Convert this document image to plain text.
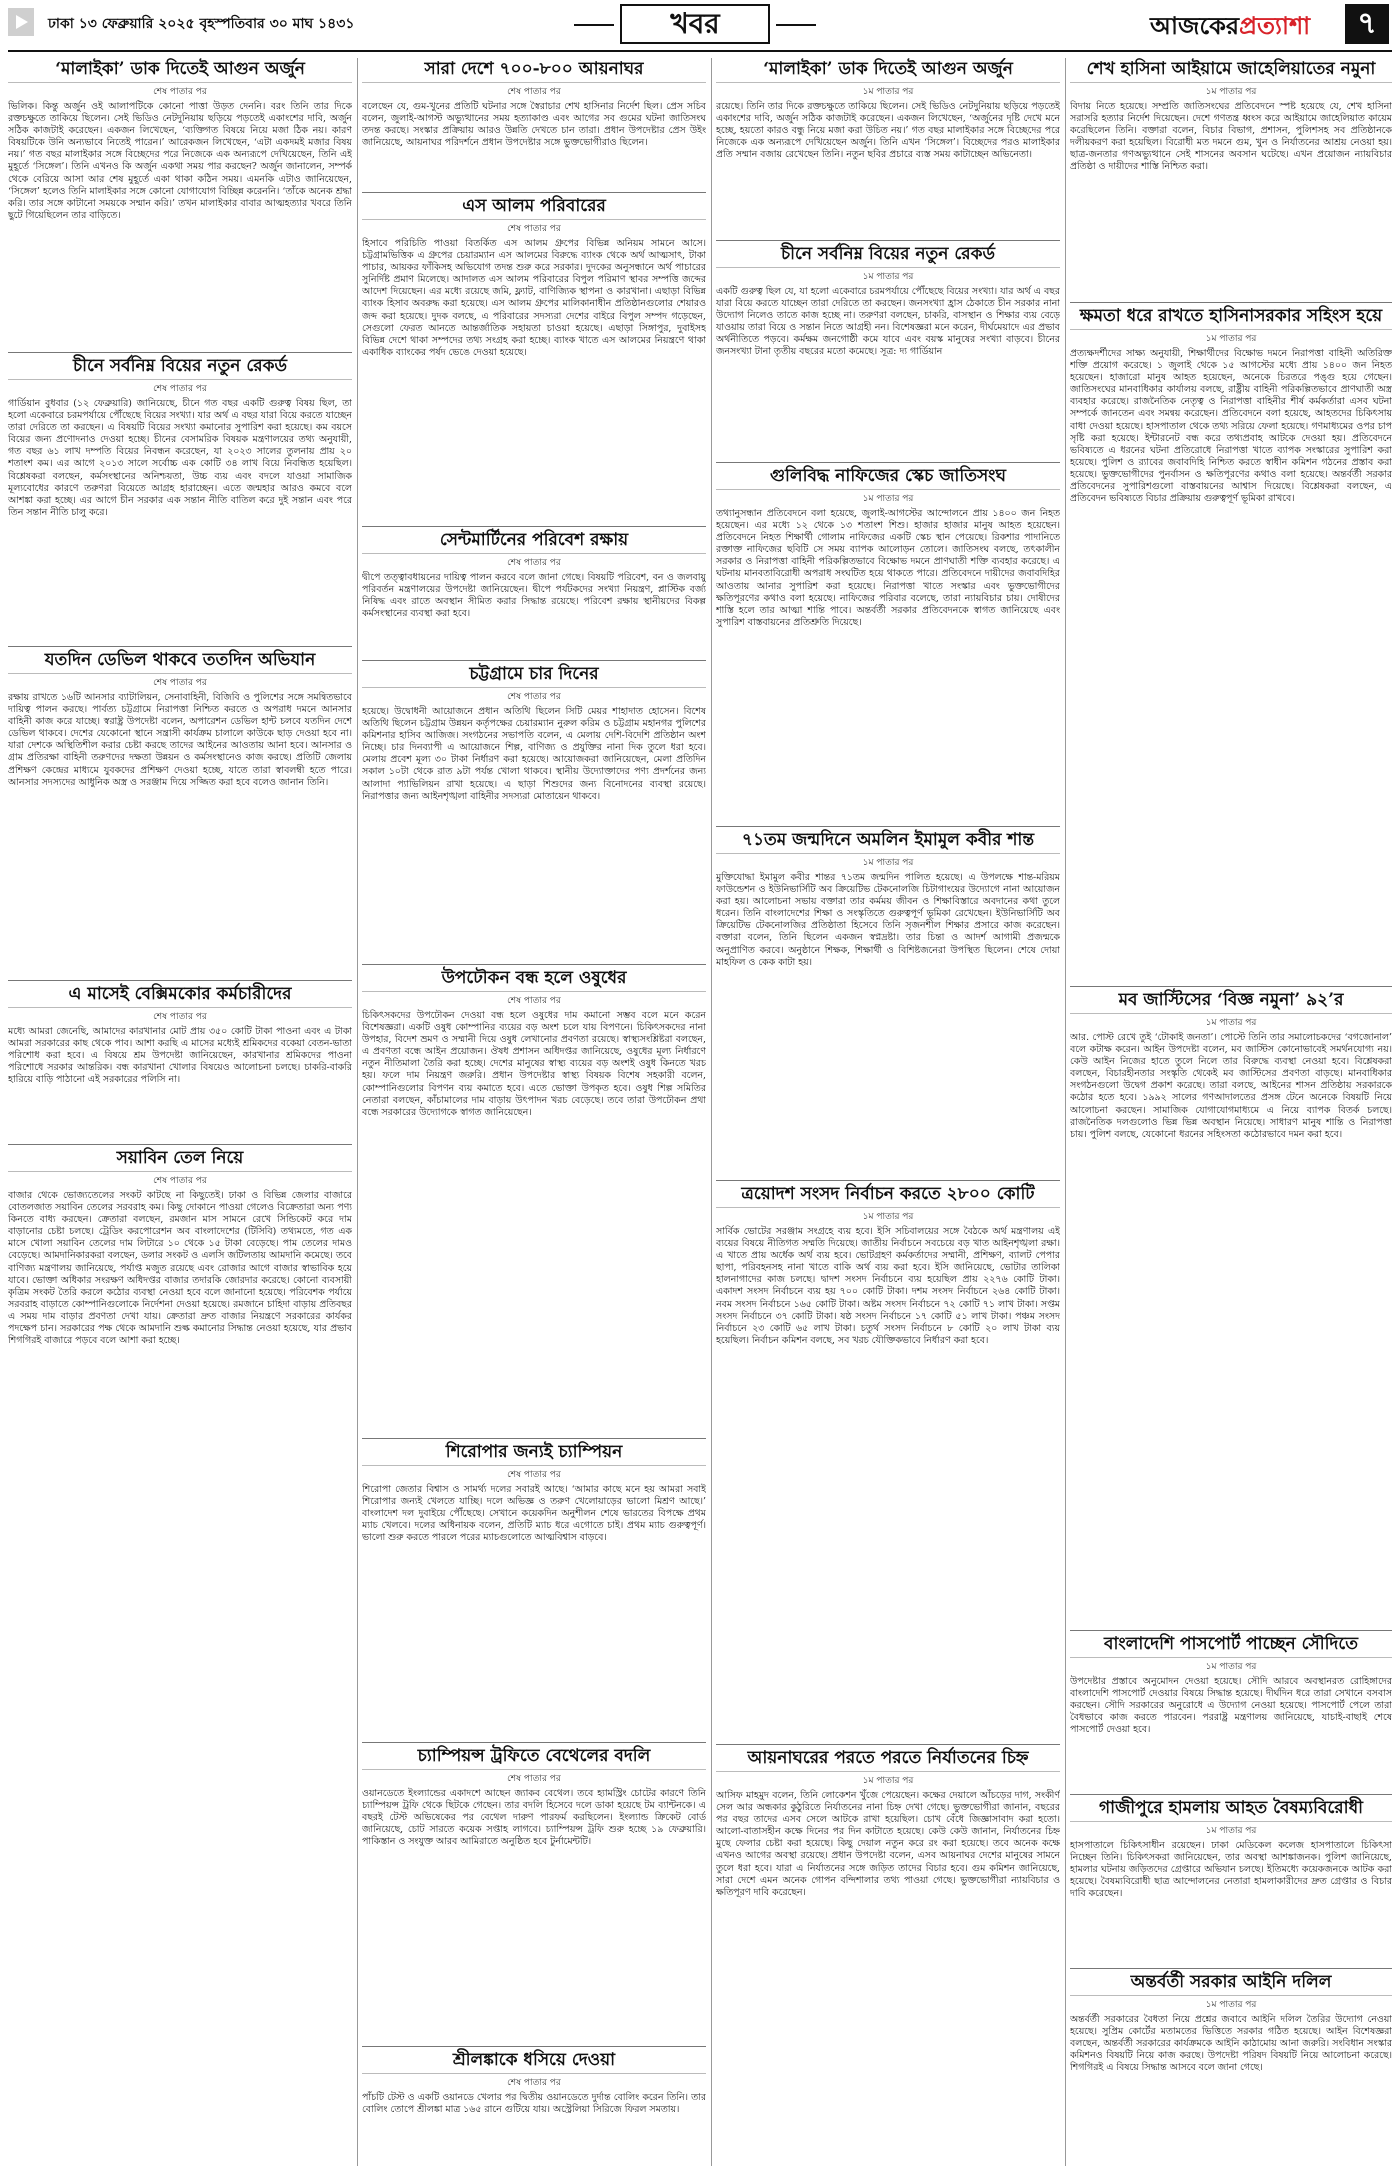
ঢাকা ১৩ ফেব্রুয়ারি ২০২৫ বৃহস্পতিবার ৩০ মাঘ ১৪৩১	খবর	আজকেরপ্রত্যাশা	৭
‘মালাইকা’ ডাক দিতেই আগুন অর্জুন
শেষ পাতার পর
ভিলিক। কিন্তু অর্জুন ওই আলাপটিকে কোনো পাত্তা উড়ত দেননি। বরং তিনি তার দিকে রক্তচক্ষুতে তাকিয়ে ছিলেন। সেই ভিডিও নেটদুনিয়ায় ছড়িয়ে পড়তেই একাংশের দাবি, অর্জুন সঠিক কাজটাই করেছেন। একজন লিখেছেন, ‘ব্যক্তিগত বিষয়ে নিয়ে মজা ঠিক নয়। কারণ বিষয়টিকে উনি অন্যভাবে নিতেই পারেন।’ আরেকজন লিখেছেন, ‘এটা একদমই মজার বিষয় নয়।’ গত বছর মালাইকার সঙ্গে বিচ্ছেদের পরে নিজেকে এক অন্যরূপে দেখিয়েছেন, তিনি এই মুহূর্তে ‘সিঙ্গেল’। তিনি এখনও কি অর্জুন একথা সময় পার করছেন? অর্জুন জানালেন, সম্পর্ক থেকে বেরিয়ে আসা আর শেষ মুহূর্তে একা থাকা কঠিন সময়। এমনকি এটাও জানিয়েছেন, ‘সিঙ্গেল’ হলেও তিনি মালাইকার সঙ্গে কোনো যোগাযোগ বিচ্ছিন্ন করেননি। ‘তাঁকে অনেক শ্রদ্ধা করি। তার সঙ্গে কাটানো সময়কে সম্মান করি।’ তখন মালাইকার বাবার আত্মহত্যার খবরে তিনি ছুটে গিয়েছিলেন তার বাড়িতে।
চীনে সর্বনিম্ন বিয়ের নতুন রেকর্ড
শেষ পাতার পর
গার্ডিয়ান বুধবার (১২ ফেব্রুয়ারি) জানিয়েছে, চীনে গত বছর একটি গুরুত্ব বিষয় ছিল, তা হলো একেবারে চরমপর্যায়ে পৌঁছেছে বিয়ের সংখ্যা। যার অর্থ এ বছর যারা বিয়ে করতে যাচ্ছেন তারা দেরিতে তা করছেন। এ বিষয়টি বিয়ের সংখ্যা কমানোর সুপারিশ করা হয়েছে। কম বয়সে বিয়ের জন্য প্রণোদনাও দেওয়া হচ্ছে। চীনের বেসামরিক বিষয়ক মন্ত্রণালয়ের তথ্য অনুযায়ী, গত বছর ৬১ লাখ দম্পতি বিয়ের নিবন্ধন করেছেন, যা ২০২৩ সালের তুলনায় প্রায় ২০ শতাংশ কম। এর আগে ২০১৩ সালে সর্বোচ্চ এক কোটি ৩৪ লাখ বিয়ে নিবন্ধিত হয়েছিল। বিশ্লেষকরা বলছেন, কর্মসংস্থানের অনিশ্চয়তা, উচ্চ ব্যয় এবং বদলে যাওয়া সামাজিক মূল্যবোধের কারণে তরুণরা বিয়েতে আগ্রহ হারাচ্ছেন। এতে জন্মহার আরও কমবে বলে আশঙ্কা করা হচ্ছে। এর আগে চীন সরকার এক সন্তান নীতি বাতিল করে দুই সন্তান এবং পরে তিন সন্তান নীতি চালু করে।
যতদিন ডেভিল থাকবে ততদিন অভিযান
শেষ পাতার পর
রক্ষায় রাখতে ১৬টি আনসার ব্যাটালিয়ন, সেনাবাহিনী, বিজিবি ও পুলিশের সঙ্গে সমন্বিতভাবে দায়িত্ব পালন করছে। পার্বত্য চট্টগ্রামে নিরাপত্তা নিশ্চিত করতে ও অপরাধ দমনে আনসার বাহিনী কাজ করে যাচ্ছে। স্বরাষ্ট্র উপদেষ্টা বলেন, অপারেশন ডেভিল হান্ট চলবে যতদিন দেশে ডেভিল থাকবে। দেশের যেকোনো স্থানে সন্ত্রাসী কার্যক্রম চালালে কাউকে ছাড় দেওয়া হবে না। যারা দেশকে অস্থিতিশীল করার চেষ্টা করছে তাদের আইনের আওতায় আনা হবে। আনসার ও গ্রাম প্রতিরক্ষা বাহিনী তরুণদের দক্ষতা উন্নয়ন ও কর্মসংস্থানেও কাজ করছে। প্রতিটি জেলায় প্রশিক্ষণ কেন্দ্রের মাধ্যমে যুবকদের প্রশিক্ষণ দেওয়া হচ্ছে, যাতে তারা স্বাবলম্বী হতে পারে। আনসার সদস্যদের আধুনিক অস্ত্র ও সরঞ্জাম দিয়ে সজ্জিত করা হবে বলেও জানান তিনি।
এ মাসেই বেক্সিমকোর কর্মচারীদের
শেষ পাতার পর
মধ্যে আমরা জেনেছি, আমাদের কারখানার মোট প্রায় ৩৫০ কোটি টাকা পাওনা এবং এ টাকা আমরা সরকারের কাছ থেকে পাব। আশা করছি এ মাসের মধ্যেই শ্রমিকদের বকেয়া বেতন-ভাতা পরিশোধ করা হবে। এ বিষয়ে শ্রম উপদেষ্টা জানিয়েছেন, কারখানার শ্রমিকদের পাওনা পরিশোধে সরকার আন্তরিক। বন্ধ কারখানা খোলার বিষয়েও আলোচনা চলছে। চাকরি-বাকরি হারিয়ে বাড়ি পাঠানো এই সরকারের পলিসি না।
সয়াবিন তেল নিয়ে
শেষ পাতার পর
বাজার থেকে ভোজ্যতেলের সংকট কাটছে না কিছুতেই। ঢাকা ও বিভিন্ন জেলার বাজারে বোতলজাত সয়াবিন তেলের সরবরাহ কম। কিছু দোকানে পাওয়া গেলেও বিক্রেতারা অন্য পণ্য কিনতে বাধ্য করছেন। ক্রেতারা বলছেন, রমজান মাস সামনে রেখে সিন্ডিকেট করে দাম বাড়ানোর চেষ্টা চলছে। ট্রেডিং করপোরেশন অব বাংলাদেশের (টিসিবি) তথ্যমতে, গত এক মাসে খোলা সয়াবিন তেলের দাম লিটারে ১০ থেকে ১৫ টাকা বেড়েছে। পাম তেলের দামও বেড়েছে। আমদানিকারকরা বলছেন, ডলার সংকট ও এলসি জটিলতায় আমদানি কমেছে। তবে বাণিজ্য মন্ত্রণালয় জানিয়েছে, পর্যাপ্ত মজুত রয়েছে এবং রোজার আগে বাজার স্বাভাবিক হয়ে যাবে। ভোক্তা অধিকার সংরক্ষণ অধিদপ্তর বাজার তদারকি জোরদার করেছে। কোনো ব্যবসায়ী কৃত্রিম সংকট তৈরি করলে কঠোর ব্যবস্থা নেওয়া হবে বলে জানানো হয়েছে। পরিবেশক পর্যায়ে সরবরাহ বাড়াতে কোম্পানিগুলোকে নির্দেশনা দেওয়া হয়েছে। রমজানে চাহিদা বাড়ায় প্রতিবছর এ সময় দাম বাড়ার প্রবণতা দেখা যায়। ক্রেতারা দ্রুত বাজার নিয়ন্ত্রণে সরকারের কার্যকর পদক্ষেপ চান। সরকারের পক্ষ থেকে আমদানি শুল্ক কমানোর সিদ্ধান্ত নেওয়া হয়েছে, যার প্রভাব শিগগিরই বাজারে পড়বে বলে আশা করা হচ্ছে।
সারা দেশে ৭০০-৮০০ আয়নাঘর
শেষ পাতার পর
বলেছেন যে, গুম-খুনের প্রতিটি ঘটনার সঙ্গে স্বৈরাচার শেখ হাসিনার নির্দেশ ছিল। প্রেস সচিব বলেন, জুলাই-আগস্ট অভ্যুত্থানের সময় হত্যাকাণ্ড এবং আগের সব গুমের ঘটনা জাতিসংঘ তদন্ত করছে। সংস্কার প্রক্রিয়ায় আরও উন্নতি দেখতে চান তারা। প্রধান উপদেষ্টার প্রেস উইং জানিয়েছে, আয়নাঘর পরিদর্শনে প্রধান উপদেষ্টার সঙ্গে ভুক্তভোগীরাও ছিলেন।
এস আলম পরিবারের
শেষ পাতার পর
হিসাবে পরিচিতি পাওয়া বিতর্কিত এস আলম গ্রুপের বিভিন্ন অনিয়ম সামনে আসে। চট্টগ্রামভিত্তিক এ গ্রুপের চেয়ারম্যান এস আলমের বিরুদ্ধে ব্যাংক থেকে অর্থ আত্মসাৎ, টাকা পাচার, আয়কর ফাঁকিসহ অভিযোগ তদন্ত শুরু করে সরকার। দুদকের অনুসন্ধানে অর্থ পাচারের সুনির্দিষ্ট প্রমাণ মিলেছে। আদালত এস আলম পরিবারের বিপুল পরিমাণ স্থাবর সম্পত্তি জব্দের আদেশ দিয়েছেন। এর মধ্যে রয়েছে জমি, ফ্ল্যাট, বাণিজ্যিক স্থাপনা ও কারখানা। এছাড়া বিভিন্ন ব্যাংক হিসাব অবরুদ্ধ করা হয়েছে। এস আলম গ্রুপের মালিকানাধীন প্রতিষ্ঠানগুলোর শেয়ারও জব্দ করা হয়েছে। দুদক বলছে, এ পরিবারের সদস্যরা দেশের বাইরে বিপুল সম্পদ গড়েছেন, সেগুলো ফেরত আনতে আন্তর্জাতিক সহায়তা চাওয়া হয়েছে। এছাড়া সিঙ্গাপুর, দুবাইসহ বিভিন্ন দেশে থাকা সম্পদের তথ্য সংগ্রহ করা হচ্ছে। ব্যাংক খাতে এস আলমের নিয়ন্ত্রণে থাকা একাধিক ব্যাংকের পর্ষদ ভেঙে দেওয়া হয়েছে।
সেন্টমার্টিনের পরিবেশ রক্ষায়
শেষ পাতার পর
দ্বীপে তত্ত্বাবধায়নের দায়িত্ব পালন করবে বলে জানা গেছে। বিষয়টি পরিবেশ, বন ও জলবায়ু পরিবর্তন মন্ত্রণালয়ের উপদেষ্টা জানিয়েছেন। দ্বীপে পর্যটকদের সংখ্যা নিয়ন্ত্রণ, প্লাস্টিক বর্জ্য নিষিদ্ধ এবং রাতে অবস্থান সীমিত করার সিদ্ধান্ত রয়েছে। পরিবেশ রক্ষায় স্থানীয়দের বিকল্প কর্মসংস্থানের ব্যবস্থা করা হবে।
চট্টগ্রামে চার দিনের
শেষ পাতার পর
হয়েছে। উদ্বোধনী আয়োজনে প্রধান অতিথি ছিলেন সিটি মেয়র শাহাদাত হোসেন। বিশেষ অতিথি ছিলেন চট্টগ্রাম উন্নয়ন কর্তৃপক্ষের চেয়ারম্যান নুরুল করিম ও চট্টগ্রাম মহানগর পুলিশের কমিশনার হাসিব আজিজ। সংগঠনের সভাপতি বলেন, এ মেলায় দেশি-বিদেশি প্রতিষ্ঠান অংশ নিচ্ছে। চার দিনব্যাপী এ আয়োজনে শিল্প, বাণিজ্য ও প্রযুক্তির নানা দিক তুলে ধরা হবে। মেলায় প্রবেশ মূল্য ৩০ টাকা নির্ধারণ করা হয়েছে। আয়োজকরা জানিয়েছেন, মেলা প্রতিদিন সকাল ১০টা থেকে রাত ৯টা পর্যন্ত খোলা থাকবে। স্থানীয় উদ্যোক্তাদের পণ্য প্রদর্শনের জন্য আলাদা প্যাভিলিয়ন রাখা হয়েছে। এ ছাড়া শিশুদের জন্য বিনোদনের ব্যবস্থা রয়েছে। নিরাপত্তার জন্য আইনশৃঙ্খলা বাহিনীর সদস্যরা মোতায়েন থাকবে।
উপঢৌকন বন্ধ হলে ওষুধের
শেষ পাতার পর
চিকিৎসকদের উপঢৌকন দেওয়া বন্ধ হলে ওষুধের দাম কমানো সম্ভব বলে মনে করেন বিশেষজ্ঞরা। একটি ওষুধ কোম্পানির ব্যয়ের বড় অংশ চলে যায় বিপণনে। চিকিৎসকদের নানা উপহার, বিদেশ ভ্রমণ ও সম্মানী দিয়ে ওষুধ লেখানোর প্রবণতা রয়েছে। স্বাস্থ্যসংশ্লিষ্টরা বলছেন, এ প্রবণতা বন্ধে আইন প্রয়োজন। ঔষধ প্রশাসন অধিদপ্তর জানিয়েছে, ওষুধের মূল্য নির্ধারণে নতুন নীতিমালা তৈরি করা হচ্ছে। দেশের মানুষের স্বাস্থ্য ব্যয়ের বড় অংশই ওষুধ কিনতে খরচ হয়। ফলে দাম নিয়ন্ত্রণ জরুরি। প্রধান উপদেষ্টার স্বাস্থ্য বিষয়ক বিশেষ সহকারী বলেন, কোম্পানিগুলোর বিপণন ব্যয় কমাতে হবে। এতে ভোক্তা উপকৃত হবে। ওষুধ শিল্প সমিতির নেতারা বলছেন, কাঁচামালের দাম বাড়ায় উৎপাদন খরচ বেড়েছে। তবে তারা উপঢৌকন প্রথা বন্ধে সরকারের উদ্যোগকে স্বাগত জানিয়েছেন।
শিরোপার জন্যই চ্যাম্পিয়ন
শেষ পাতার পর
শিরোপা জেতার বিশ্বাস ও সামর্থ্য দলের সবারই আছে। ‘আমার কাছে মনে হয় আমরা সবাই শিরোপার জন্যই খেলতে যাচ্ছি। দলে অভিজ্ঞ ও তরুণ খেলোয়াড়ের ভালো মিশ্রণ আছে।’ বাংলাদেশ দল দুবাইয়ে পৌঁছেছে। সেখানে কয়েকদিন অনুশীলন শেষে ভারতের বিপক্ষে প্রথম ম্যাচ খেলবে। দলের অধিনায়ক বলেন, প্রতিটি ম্যাচ ধরে এগোতে চাই। প্রথম ম্যাচ গুরুত্বপূর্ণ। ভালো শুরু করতে পারলে পরের ম্যাচগুলোতে আত্মবিশ্বাস বাড়বে।
চ্যাম্পিয়ন্স ট্রফিতে বেথেলের বদলি
শেষ পাতার পর
ওয়ানডেতে ইংল্যান্ডের একাদশে আছেন জ্যাকব বেথেল। তবে হ্যামস্ট্রিং চোটের কারণে তিনি চ্যাম্পিয়ন্স ট্রফি থেকে ছিটকে গেছেন। তার বদলি হিসেবে দলে ডাকা হয়েছে টম ব্যান্টনকে। এ বছরই টেস্ট অভিষেকের পর বেথেল দারুণ পারফর্ম করছিলেন। ইংল্যান্ড ক্রিকেট বোর্ড জানিয়েছে, চোট সারতে কয়েক সপ্তাহ লাগবে। চ্যাম্পিয়ন্স ট্রফি শুরু হচ্ছে ১৯ ফেব্রুয়ারি। পাকিস্তান ও সংযুক্ত আরব আমিরাতে অনুষ্ঠিত হবে টুর্নামেন্টটি।
শ্রীলঙ্কাকে ধসিয়ে দেওয়া
শেষ পাতার পর
পাঁচটি টেস্ট ও একটি ওয়ানডে খেলার পর দ্বিতীয় ওয়ানডেতে দুর্দান্ত বোলিং করেন তিনি। তার বোলিং তোপে শ্রীলঙ্কা মাত্র ১৬৫ রানে গুটিয়ে যায়। অস্ট্রেলিয়া সিরিজে ফিরল সমতায়।
‘মালাইকা’ ডাক দিতেই আগুন অর্জুন
১ম পাতার পর
রয়েছে। তিনি তার দিকে রক্তচক্ষুতে তাকিয়ে ছিলেন। সেই ভিডিও নেটদুনিয়ায় ছড়িয়ে পড়তেই একাংশের দাবি, অর্জুন সঠিক কাজটাই করেছেন। একজন লিখেছেন, ‘অর্জুনের দৃষ্টি দেখে মনে হচ্ছে, হয়তো কারও বন্ধু নিয়ে মজা করা উচিত নয়।’ গত বছর মালাইকার সঙ্গে বিচ্ছেদের পরে নিজেকে এক অন্যরূপে দেখিয়েছেন অর্জুন। তিনি এখন ‘সিঙ্গেল’। বিচ্ছেদের পরও মালাইকার প্রতি সম্মান বজায় রেখেছেন তিনি। নতুন ছবির প্রচারে ব্যস্ত সময় কাটাচ্ছেন অভিনেতা।
চীনে সর্বনিম্ন বিয়ের নতুন রেকর্ড
১ম পাতার পর
একটি গুরুত্ব ছিল যে, যা হলো একেবারে চরমপর্যায়ে পৌঁছেছে বিয়ের সংখ্যা। যার অর্থ এ বছর যারা বিয়ে করতে যাচ্ছেন তারা দেরিতে তা করছেন। জনসংখ্যা হ্রাস ঠেকাতে চীন সরকার নানা উদ্যোগ নিলেও তাতে কাজ হচ্ছে না। তরুণরা বলছেন, চাকরি, বাসস্থান ও শিক্ষার ব্যয় বেড়ে যাওয়ায় তারা বিয়ে ও সন্তান নিতে আগ্রহী নন। বিশেষজ্ঞরা মনে করেন, দীর্ঘমেয়াদে এর প্রভাব অর্থনীতিতে পড়বে। কর্মক্ষম জনগোষ্ঠী কমে যাবে এবং বয়স্ক মানুষের সংখ্যা বাড়বে। চীনের জনসংখ্যা টানা তৃতীয় বছরের মতো কমেছে। সূত্র: দ্য গার্ডিয়ান
গুলিবিদ্ধ নাফিজের স্কেচ জাতিসংঘ
১ম পাতার পর
তথ্যানুসন্ধান প্রতিবেদনে বলা হয়েছে, জুলাই-আগস্টের আন্দোলনে প্রায় ১৪০০ জন নিহত হয়েছেন। এর মধ্যে ১২ থেকে ১৩ শতাংশ শিশু। হাজার হাজার মানুষ আহত হয়েছেন। প্রতিবেদনে নিহত শিক্ষার্থী গোলাম নাফিজের একটি স্কেচ স্থান পেয়েছে। রিকশার পাদানিতে রক্তাক্ত নাফিজের ছবিটি সে সময় ব্যাপক আলোড়ন তোলে। জাতিসংঘ বলছে, তৎকালীন সরকার ও নিরাপত্তা বাহিনী পরিকল্পিতভাবে বিক্ষোভ দমনে প্রাণঘাতী শক্তি ব্যবহার করেছে। এ ঘটনায় মানবতাবিরোধী অপরাধ সংঘটিত হয়ে থাকতে পারে। প্রতিবেদনে দায়ীদের জবাবদিহির আওতায় আনার সুপারিশ করা হয়েছে। নিরাপত্তা খাতে সংস্কার এবং ভুক্তভোগীদের ক্ষতিপূরণের কথাও বলা হয়েছে। নাফিজের পরিবার বলেছে, তারা ন্যায়বিচার চায়। দোষীদের শাস্তি হলে তার আত্মা শান্তি পাবে। অন্তর্বর্তী সরকার প্রতিবেদনকে স্বাগত জানিয়েছে এবং সুপারিশ বাস্তবায়নের প্রতিশ্রুতি দিয়েছে।
৭১তম জন্মদিনে অমলিন ইমামুল কবীর শান্ত
১ম পাতার পর
মুক্তিযোদ্ধা ইমামুল কবীর শান্তর ৭১তম জন্মদিন পালিত হয়েছে। এ উপলক্ষে শান্ত-মরিয়ম ফাউন্ডেশন ও ইউনিভার্সিটি অব ক্রিয়েটিভ টেকনোলজি চিটাগাংয়ের উদ্যোগে নানা আয়োজন করা হয়। আলোচনা সভায় বক্তারা তার কর্মময় জীবন ও শিক্ষাবিস্তারে অবদানের কথা তুলে ধরেন। তিনি বাংলাদেশের শিক্ষা ও সংস্কৃতিতে গুরুত্বপূর্ণ ভূমিকা রেখেছেন। ইউনিভার্সিটি অব ক্রিয়েটিভ টেকনোলজির প্রতিষ্ঠাতা হিসেবে তিনি সৃজনশীল শিক্ষার প্রসারে কাজ করেছেন। বক্তারা বলেন, তিনি ছিলেন একজন স্বপ্নদ্রষ্টা। তার চিন্তা ও আদর্শ আগামী প্রজন্মকে অনুপ্রাণিত করবে। অনুষ্ঠানে শিক্ষক, শিক্ষার্থী ও বিশিষ্টজনেরা উপস্থিত ছিলেন। শেষে দোয়া মাহফিল ও কেক কাটা হয়।
ত্রয়োদশ সংসদ নির্বাচন করতে ২৮০০ কোটি
১ম পাতার পর
সার্বিক ভোটের সরঞ্জাম সংগ্রহে ব্যয় হবে। ইসি সচিবালয়ের সঙ্গে বৈঠকে অর্থ মন্ত্রণালয় এই ব্যয়ের বিষয়ে নীতিগত সম্মতি দিয়েছে। জাতীয় নির্বাচনে সবচেয়ে বড় খাত আইনশৃঙ্খলা রক্ষা। এ খাতে প্রায় অর্ধেক অর্থ ব্যয় হবে। ভোটগ্রহণ কর্মকর্তাদের সম্মানী, প্রশিক্ষণ, ব্যালট পেপার ছাপা, পরিবহনসহ নানা খাতে বাকি অর্থ ব্যয় করা হবে। ইসি জানিয়েছে, ভোটার তালিকা হালনাগাদের কাজ চলছে। দ্বাদশ সংসদ নির্বাচনে ব্যয় হয়েছিল প্রায় ২২৭৬ কোটি টাকা। একাদশ সংসদ নির্বাচনে ব্যয় হয় ৭০০ কোটি টাকা। দশম সংসদ নির্বাচনে ২৬৪ কোটি টাকা। নবম সংসদ নির্বাচনে ১৬৫ কোটি টাকা। অষ্টম সংসদ নির্বাচনে ৭২ কোটি ৭১ লাখ টাকা। সপ্তম সংসদ নির্বাচনে ৩৭ কোটি টাকা। ষষ্ঠ সংসদ নির্বাচনে ১৭ কোটি ৫১ লাখ টাকা। পঞ্চম সংসদ নির্বাচনে ২৩ কোটি ৬৫ লাখ টাকা। চতুর্থ সংসদ নির্বাচনে ৮ কোটি ২০ লাখ টাকা ব্যয় হয়েছিল। নির্বাচন কমিশন বলছে, সব খরচ যৌক্তিকভাবে নির্ধারণ করা হবে।
আয়নাঘরের পরতে পরতে নির্যাতনের চিহ্ন
১ম পাতার পর
আসিফ মাহমুদ বলেন, তিনি লোকেশন খুঁজে পেয়েছেন। কক্ষের দেয়ালে আঁচড়ের দাগ, সংকীর্ণ সেল আর অন্ধকার কুঠুরিতে নির্যাতনের নানা চিহ্ন দেখা গেছে। ভুক্তভোগীরা জানান, বছরের পর বছর তাদের এসব সেলে আটকে রাখা হয়েছিল। চোখ বেঁধে জিজ্ঞাসাবাদ করা হতো। আলো-বাতাসহীন কক্ষে দিনের পর দিন কাটাতে হয়েছে। কেউ কেউ জানান, নির্যাতনের চিহ্ন মুছে ফেলার চেষ্টা করা হয়েছে। কিছু দেয়াল নতুন করে রং করা হয়েছে। তবে অনেক কক্ষে এখনও আগের অবস্থা রয়েছে। প্রধান উপদেষ্টা বলেন, এসব আয়নাঘর দেশের মানুষের সামনে তুলে ধরা হবে। যারা এ নির্যাতনের সঙ্গে জড়িত তাদের বিচার হবে। গুম কমিশন জানিয়েছে, সারা দেশে এমন অনেক গোপন বন্দিশালার তথ্য পাওয়া গেছে। ভুক্তভোগীরা ন্যায়বিচার ও ক্ষতিপূরণ দাবি করেছেন।
শেখ হাসিনা আইয়ামে জাহেলিয়াতের নমুনা
১ম পাতার পর
বিদায় নিতে হয়েছে। সম্প্রতি জাতিসংঘের প্রতিবেদনে স্পষ্ট হয়েছে যে, শেখ হাসিনা সরাসরি হত্যার নির্দেশ দিয়েছেন। দেশে গণতন্ত্র ধ্বংস করে আইয়ামে জাহেলিয়াত কায়েম করেছিলেন তিনি। বক্তারা বলেন, বিচার বিভাগ, প্রশাসন, পুলিশসহ সব প্রতিষ্ঠানকে দলীয়করণ করা হয়েছিল। বিরোধী মত দমনে গুম, খুন ও নির্যাতনের আশ্রয় নেওয়া হয়। ছাত্র-জনতার গণঅভ্যুত্থানে সেই শাসনের অবসান ঘটেছে। এখন প্রয়োজন ন্যায়বিচার প্রতিষ্ঠা ও দায়ীদের শাস্তি নিশ্চিত করা।
ক্ষমতা ধরে রাখতে হাসিনাসরকার সহিংস হয়ে
১ম পাতার পর
প্রত্যক্ষদর্শীদের সাক্ষ্য অনুযায়ী, শিক্ষার্থীদের বিক্ষোভ দমনে নিরাপত্তা বাহিনী অতিরিক্ত শক্তি প্রয়োগ করেছে। ১ জুলাই থেকে ১৫ আগস্টের মধ্যে প্রায় ১৪০০ জন নিহত হয়েছেন। হাজারো মানুষ আহত হয়েছেন, অনেকে চিরতরে পঙ্গু হয়ে গেছেন। জাতিসংঘের মানবাধিকার কার্যালয় বলছে, রাষ্ট্রীয় বাহিনী পরিকল্পিতভাবে প্রাণঘাতী অস্ত্র ব্যবহার করেছে। রাজনৈতিক নেতৃত্ব ও নিরাপত্তা বাহিনীর শীর্ষ কর্মকর্তারা এসব ঘটনা সম্পর্কে জানতেন এবং সমন্বয় করেছেন। প্রতিবেদনে বলা হয়েছে, আহতদের চিকিৎসায় বাধা দেওয়া হয়েছে। হাসপাতাল থেকে তথ্য সরিয়ে ফেলা হয়েছে। গণমাধ্যমের ওপর চাপ সৃষ্টি করা হয়েছে। ইন্টারনেট বন্ধ করে তথ্যপ্রবাহ আটকে দেওয়া হয়। প্রতিবেদনে ভবিষ্যতে এ ধরনের ঘটনা প্রতিরোধে নিরাপত্তা খাতে ব্যাপক সংস্কারের সুপারিশ করা হয়েছে। পুলিশ ও র‍্যাবের জবাবদিহি নিশ্চিত করতে স্বাধীন কমিশন গঠনের প্রস্তাব করা হয়েছে। ভুক্তভোগীদের পুনর্বাসন ও ক্ষতিপূরণের কথাও বলা হয়েছে। অন্তর্বর্তী সরকার প্রতিবেদনের সুপারিশগুলো বাস্তবায়নের আশ্বাস দিয়েছে। বিশ্লেষকরা বলছেন, এ প্রতিবেদন ভবিষ্যতে বিচার প্রক্রিয়ায় গুরুত্বপূর্ণ ভূমিকা রাখবে।
মব জাস্টিসের ‘বিজ্ঞ নমুনা’ ৯২’র
১ম পাতার পর
আর. পোস্ট রেখে তুই ‘টোকাই জনতা’। পোস্টে তিনি তার সমালোচকদের ‘বগজোনাল’ বলে কটাক্ষ করেন। আইন উপদেষ্টা বলেন, মব জাস্টিস কোনোভাবেই সমর্থনযোগ্য নয়। কেউ আইন নিজের হাতে তুলে নিলে তার বিরুদ্ধে ব্যবস্থা নেওয়া হবে। বিশ্লেষকরা বলছেন, বিচারহীনতার সংস্কৃতি থেকেই মব জাস্টিসের প্রবণতা বাড়ছে। মানবাধিকার সংগঠনগুলো উদ্বেগ প্রকাশ করেছে। তারা বলছে, আইনের শাসন প্রতিষ্ঠায় সরকারকে কঠোর হতে হবে। ১৯৯২ সালের গণআদালতের প্রসঙ্গ টেনে অনেকে বিষয়টি নিয়ে আলোচনা করছেন। সামাজিক যোগাযোগমাধ্যমে এ নিয়ে ব্যাপক বিতর্ক চলছে। রাজনৈতিক দলগুলোও ভিন্ন ভিন্ন অবস্থান নিয়েছে। সাধারণ মানুষ শান্তি ও নিরাপত্তা চায়। পুলিশ বলছে, যেকোনো ধরনের সহিংসতা কঠোরভাবে দমন করা হবে।
বাংলাদেশি পাসপোর্ট পাচ্ছেন সৌদিতে
১ম পাতার পর
উপদেষ্টার প্রস্তাবে অনুমোদন দেওয়া হয়েছে। সৌদি আরবে অবস্থানরত রোহিঙ্গাদের বাংলাদেশি পাসপোর্ট দেওয়ার বিষয়ে সিদ্ধান্ত হয়েছে। দীর্ঘদিন ধরে তারা সেখানে বসবাস করছেন। সৌদি সরকারের অনুরোধে এ উদ্যোগ নেওয়া হয়েছে। পাসপোর্ট পেলে তারা বৈধভাবে কাজ করতে পারবেন। পররাষ্ট্র মন্ত্রণালয় জানিয়েছে, যাচাই-বাছাই শেষে পাসপোর্ট দেওয়া হবে।
গাজীপুরে হামলায় আহত বৈষম্যবিরোধী
১ম পাতার পর
হাসপাতালে চিকিৎসাধীন রয়েছেন। ঢাকা মেডিকেল কলেজ হাসপাতালে চিকিৎসা নিচ্ছেন তিনি। চিকিৎসকরা জানিয়েছেন, তার অবস্থা আশঙ্কাজনক। পুলিশ জানিয়েছে, হামলার ঘটনায় জড়িতদের গ্রেপ্তারে অভিযান চলছে। ইতিমধ্যে কয়েকজনকে আটক করা হয়েছে। বৈষম্যবিরোধী ছাত্র আন্দোলনের নেতারা হামলাকারীদের দ্রুত গ্রেপ্তার ও বিচার দাবি করেছেন।
অন্তর্বর্তী সরকার আইনি দলিল
১ম পাতার পর
অন্তর্বর্তী সরকারের বৈধতা নিয়ে প্রশ্নের জবাবে আইনি দলিল তৈরির উদ্যোগ নেওয়া হয়েছে। সুপ্রিম কোর্টের মতামতের ভিত্তিতে সরকার গঠিত হয়েছে। আইন বিশেষজ্ঞরা বলছেন, অন্তর্বর্তী সরকারের কার্যক্রমকে আইনি কাঠামোয় আনা জরুরি। সংবিধান সংস্কার কমিশনও বিষয়টি নিয়ে কাজ করছে। উপদেষ্টা পরিষদ বিষয়টি নিয়ে আলোচনা করেছে। শিগগিরই এ বিষয়ে সিদ্ধান্ত আসবে বলে জানা গেছে।
